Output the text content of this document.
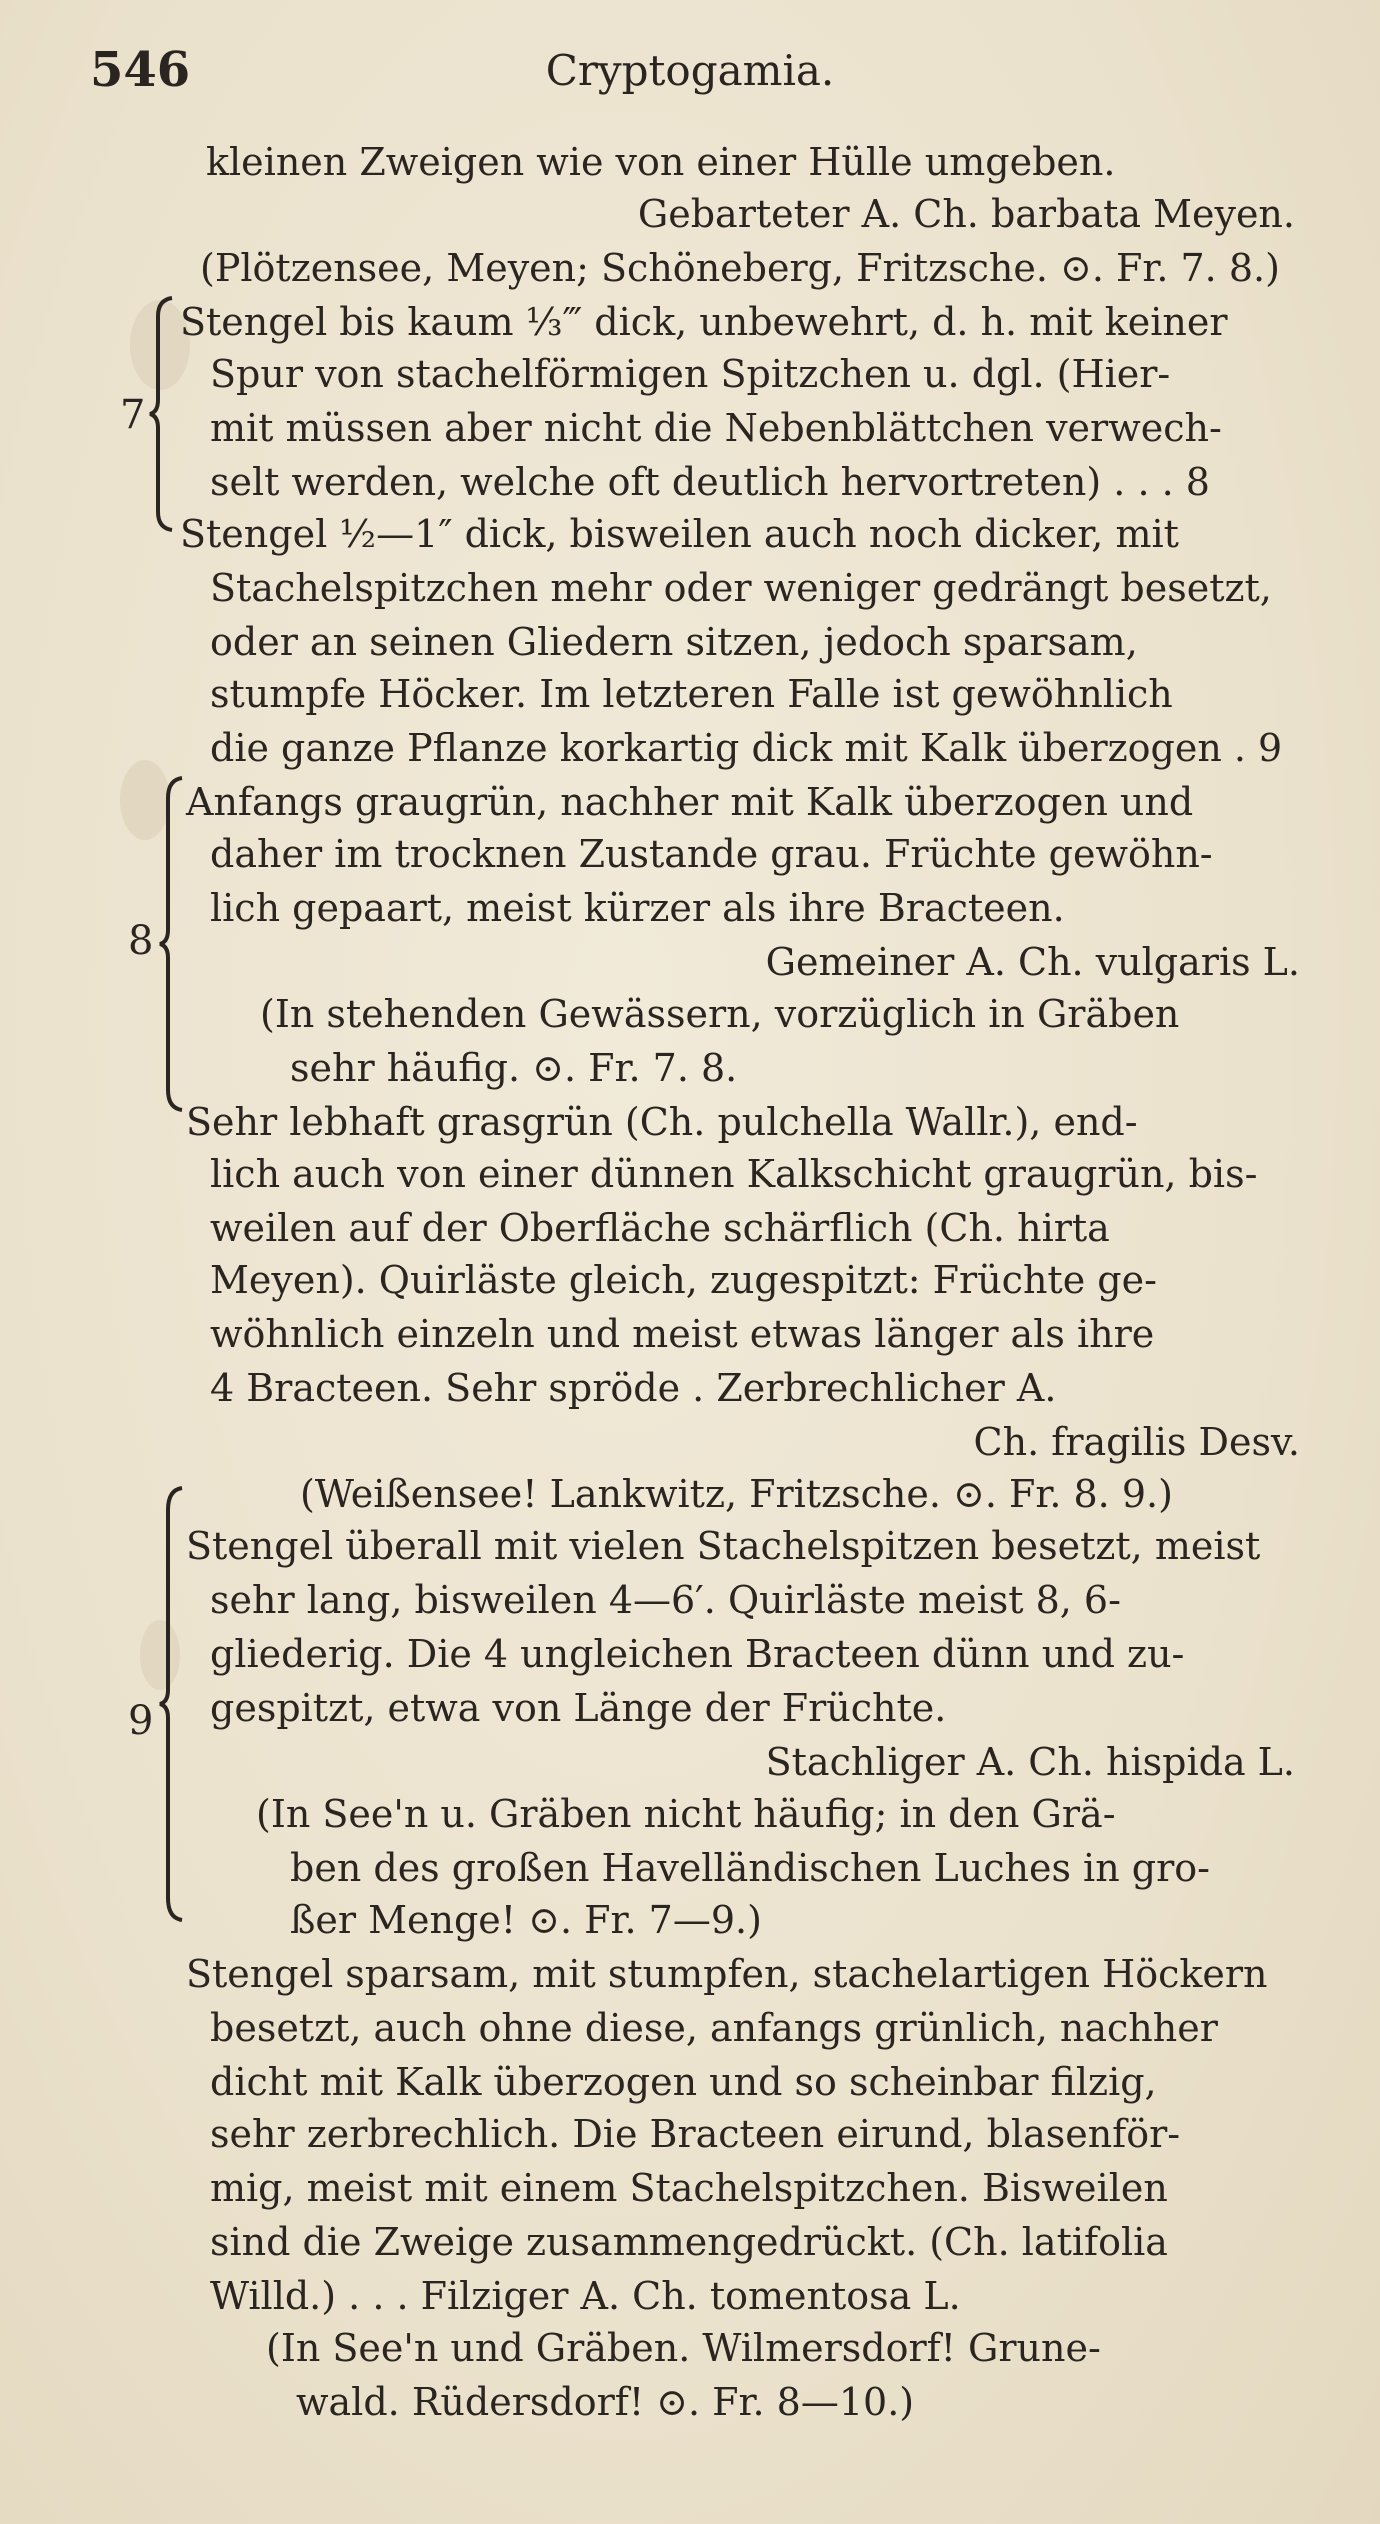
546	Cryptogamia.
7
8
9
kleinen Zweigen wie von einer Hülle umgeben.
Gebarteter A. Ch. barbata Meyen.
(Plötzensee, Meyen; Schöneberg, Fritzsche. ⊙. Fr. 7. 8.)
Stengel bis kaum ⅓‴ dick, unbewehrt, d. h. mit keiner
Spur von stachelförmigen Spitzchen u. dgl. (Hier-
mit müssen aber nicht die Nebenblättchen verwech-
selt werden, welche oft deutlich hervortreten) . . . 8
Stengel ½—1″ dick, bisweilen auch noch dicker, mit
Stachelspitzchen mehr oder weniger gedrängt besetzt,
oder an seinen Gliedern sitzen, jedoch sparsam,
stumpfe Höcker. Im letzteren Falle ist gewöhnlich
die ganze Pflanze korkartig dick mit Kalk überzogen . 9
Anfangs graugrün, nachher mit Kalk überzogen und
daher im trocknen Zustande grau. Früchte gewöhn-
lich gepaart, meist kürzer als ihre Bracteen.
Gemeiner A. Ch. vulgaris L.
(In stehenden Gewässern, vorzüglich in Gräben
sehr häufig. ⊙. Fr. 7. 8.
Sehr lebhaft grasgrün (Ch. pulchella Wallr.), end-
lich auch von einer dünnen Kalkschicht graugrün, bis-
weilen auf der Oberfläche schärflich (Ch. hirta
Meyen). Quirläste gleich, zugespitzt: Früchte ge-
wöhnlich einzeln und meist etwas länger als ihre
4 Bracteen. Sehr spröde . Zerbrechlicher A.
Ch. fragilis Desv.
(Weißensee! Lankwitz, Fritzsche. ⊙. Fr. 8. 9.)
Stengel überall mit vielen Stachelspitzen besetzt, meist
sehr lang, bisweilen 4—6′. Quirläste meist 8, 6-
gliederig. Die 4 ungleichen Bracteen dünn und zu-
gespitzt, etwa von Länge der Früchte.
Stachliger A. Ch. hispida L.
(In See'n u. Gräben nicht häufig; in den Grä-
ben des großen Havelländischen Luches in gro-
ßer Menge! ⊙. Fr. 7—9.)
Stengel sparsam, mit stumpfen, stachelartigen Höckern
besetzt, auch ohne diese, anfangs grünlich, nachher
dicht mit Kalk überzogen und so scheinbar filzig,
sehr zerbrechlich. Die Bracteen eirund, blasenför-
mig, meist mit einem Stachelspitzchen. Bisweilen
sind die Zweige zusammengedrückt. (Ch. latifolia
Willd.) . . . Filziger A. Ch. tomentosa L.
(In See'n und Gräben. Wilmersdorf! Grune-
wald. Rüdersdorf! ⊙. Fr. 8—10.)
